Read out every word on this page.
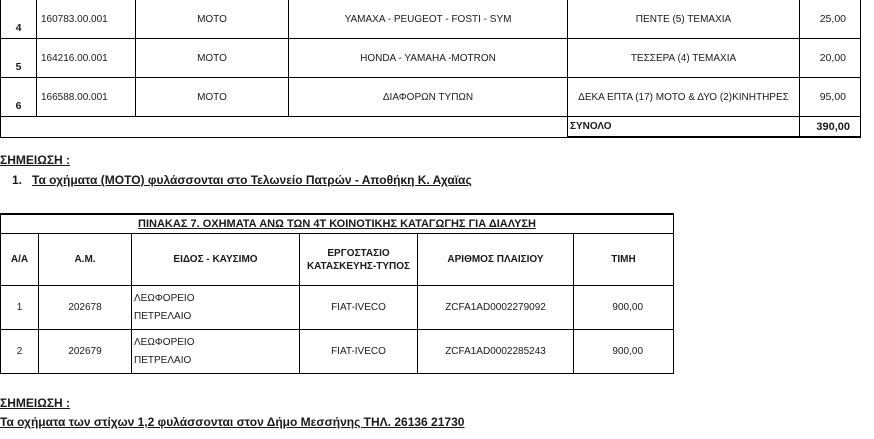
4	160783.00.001	ΜΟΤΟ	YAMAXA - PEUGEOT - FOSTI - SYM	ΠΕΝΤΕ (5) ΤΕΜΑΧΙΑ	25,00
5	164216.00.001	ΜΟΤΟ	HONDA - YAMAHA -MOTRON	ΤΕΣΣΕΡΑ (4) ΤΕΜΑΧΙΑ	20,00
6	166588.00.001	ΜΟΤΟ	ΔΙΑΦΟΡΩΝ ΤΥΠΩΝ	ΔΕΚΑ ΕΠΤΑ (17) ΜΟΤΟ & ΔΥΟ (2)ΚΙΝΗΤΗΡΕΣ	95,00
				ΣΥΝΟΛΟ	390,00
ΣΗΜΕΙΩΣΗ :
1. Τα οχήματα (ΜΟΤΟ) φυλάσσονται στο Τελωνείο Πατρών - Αποθήκη Κ. Αχαϊας
ΠΙΝΑΚΑΣ 7. ΟΧΗΜΑΤΑ ΑΝΩ ΤΩΝ 4Τ ΚΟΙΝΟΤΙΚΗΣ ΚΑΤΑΓΩΓΗΣ ΓΙΑ ΔΙΑΛΥΣΗ					
Α/Α	Α.Μ.	ΕΙΔΟΣ - ΚΑΥΣΙΜΟ	ΕΡΓΟΣΤΑΣΙΟ ΚΑΤΑΣΚΕΥΗΣ-ΤΥΠΟΣ	ΑΡΙΘΜΟΣ ΠΛΑΙΣΙΟΥ	ΤΙΜΗ
1	202678	ΛΕΩΦΟΡΕΙΟ
ΠΕΤΡΕΛΑΙΟ	FIAT-IVECO	ZCFA1AD0002279092	900,00
2	202679	ΛΕΩΦΟΡΕΙΟ
ΠΕΤΡΕΛΑΙΟ	FIAT-IVECO	ZCFA1AD0002285243	900,00
ΣΗΜΕΙΩΣΗ :
Τα οχήματα των στίχων 1,2 φυλάσσονται στον Δήμο Μεσσήνης ΤΗΛ. 26136 21730
